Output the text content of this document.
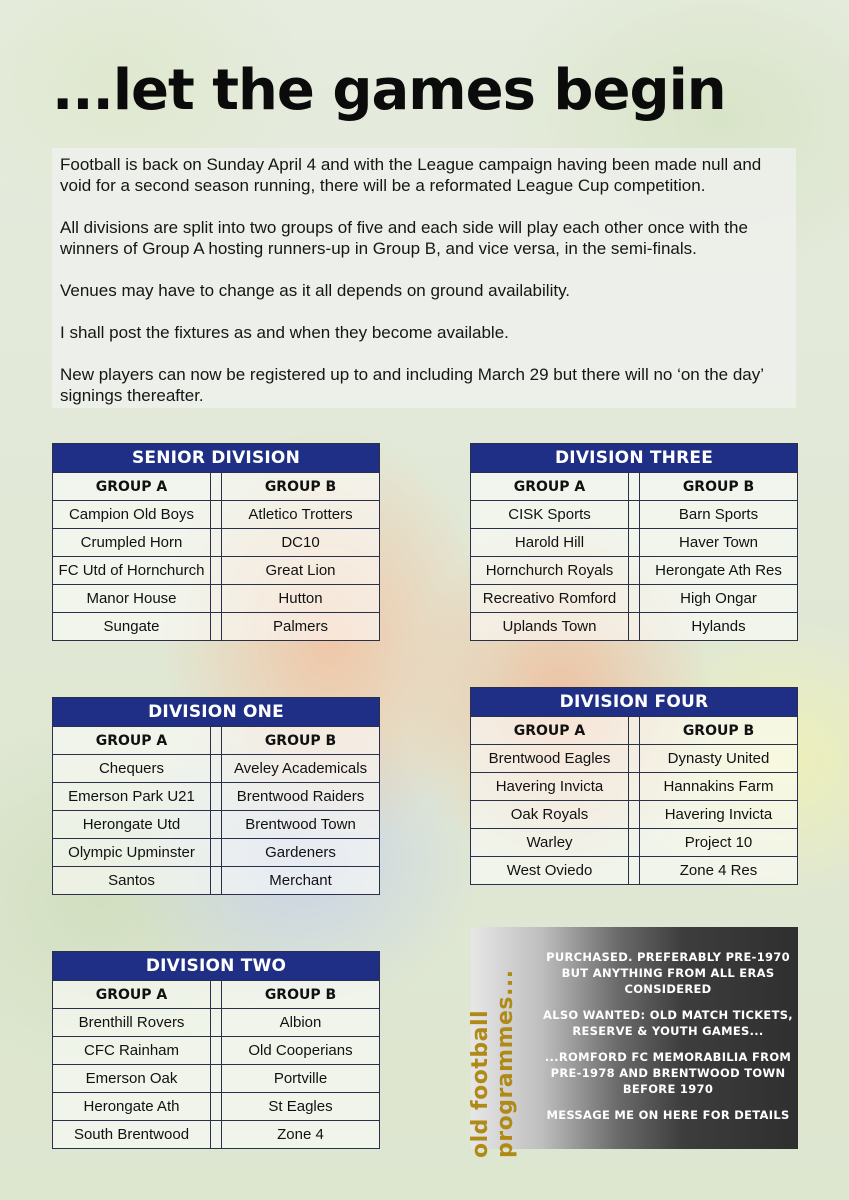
...let the games begin

Football is back on Sunday April 4 and with the League campaign having been made null and void for a second season running, there will be a reformated League Cup competition.

All divisions are split into two groups of five and each side will play each other once with the winners of Group A hosting runners-up in Group B, and vice versa, in the semi-finals.

Venues may have to change as it all depends on ground availability.

I shall post the fixtures as and when they become available.

New players can now be registered up to and including March 29 but there will no ‘on the day’ signings thereafter.

SENIOR DIVISION
GROUP A	GROUP B
Campion Old Boys	Atletico Trotters
Crumpled Horn	DC10
FC Utd of Hornchurch	Great Lion
Manor House	Hutton
Sungate	Palmers
DIVISION THREE
GROUP A	GROUP B
CISK Sports	Barn Sports
Harold Hill	Haver Town
Hornchurch Royals	Herongate Ath Res
Recreativo Romford	High Ongar
Uplands Town	Hylands
DIVISION ONE
GROUP A	GROUP B
Chequers	Aveley Academicals
Emerson Park U21	Brentwood Raiders
Herongate Utd	Brentwood Town
Olympic Upminster	Gardeners
Santos	Merchant
DIVISION FOUR
GROUP A	GROUP B
Brentwood Eagles	Dynasty United
Havering Invicta	Hannakins Farm
Oak Royals	Havering Invicta
Warley	Project 10
West Oviedo	Zone 4 Res
DIVISION TWO
GROUP A	GROUP B
Brenthill Rovers	Albion
CFC Rainham	Old Cooperians
Emerson Oak	Portville
Herongate Ath	St Eagles
South Brentwood	Zone 4	old football programmes...

PURCHASED. PREFERABLY PRE-1970 BUT ANYTHING FROM ALL ERAS CONSIDERED

ALSO WANTED: OLD MATCH TICKETS, RESERVE & YOUTH GAMES...

...ROMFORD FC MEMORABILIA FROM PRE-1978 AND BRENTWOOD TOWN BEFORE 1970

MESSAGE ME ON HERE FOR DETAILS
